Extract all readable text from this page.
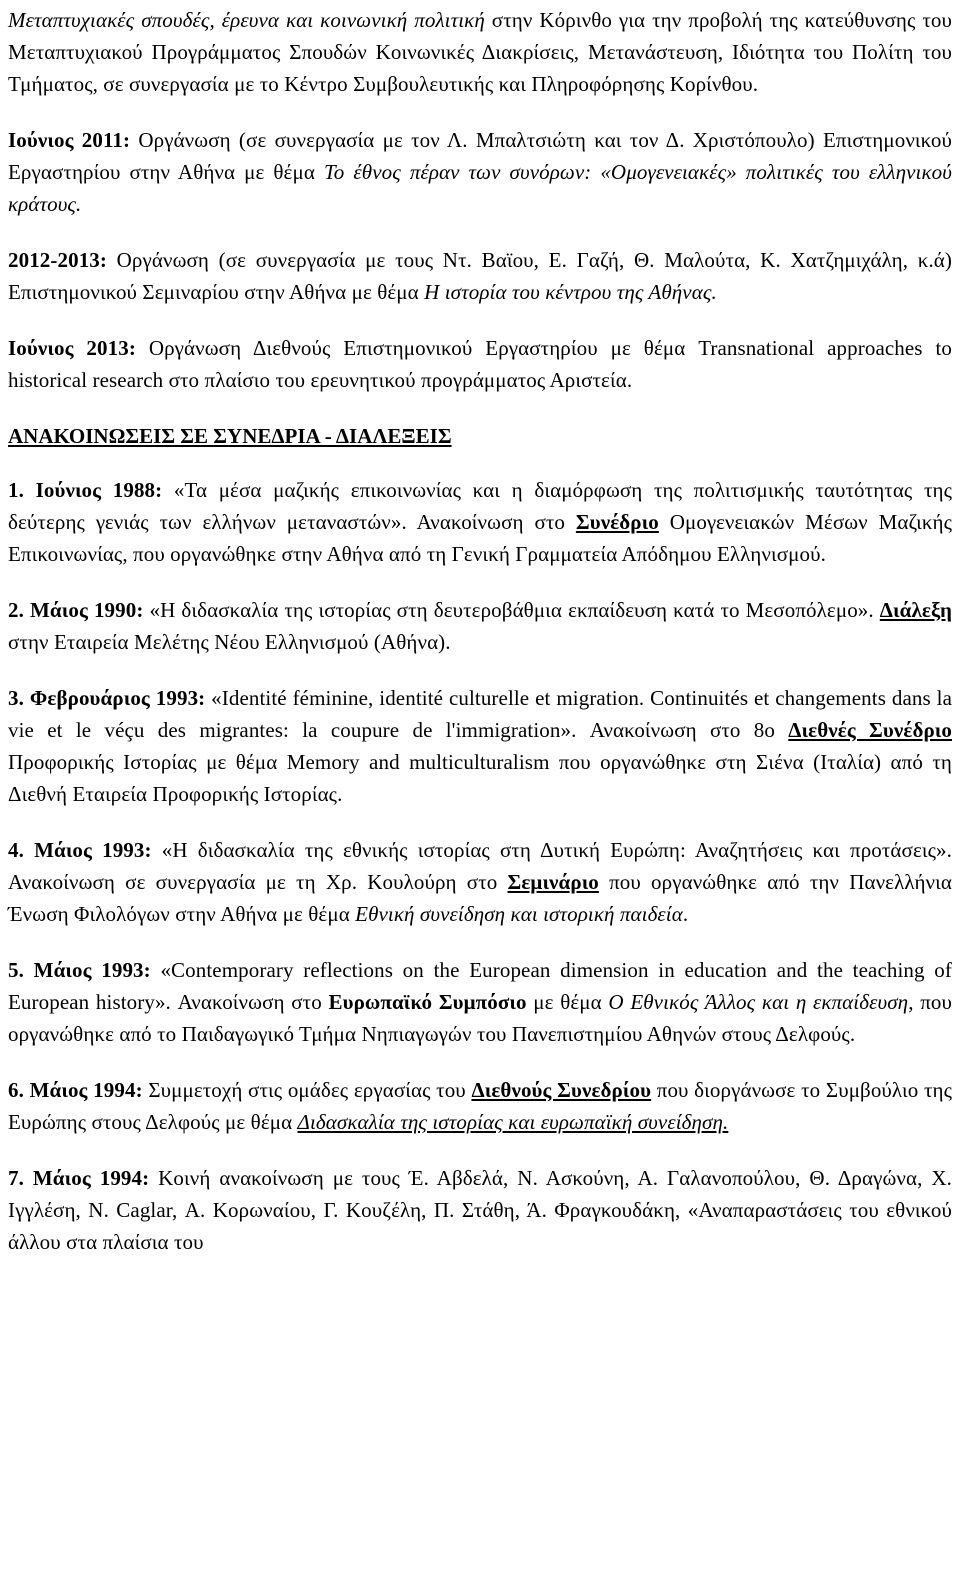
Μεταπτυχιακές σπουδές, έρευνα και κοινωνική πολιτική στην Κόρινθο για την προβολή της κατεύθυνσης του Μεταπτυχιακού Προγράμματος Σπουδών Κοινωνικές Διακρίσεις, Μετανάστευση, Ιδιότητα του Πολίτη του Τμήματος, σε συνεργασία με το Κέντρο Συμβουλευτικής και Πληροφόρησης Κορίνθου.

Ιούνιος 2011: Οργάνωση (σε συνεργασία με τον Λ. Μπαλτσιώτη και τον Δ. Χριστόπουλο) Επιστημονικού Εργαστηρίου στην Αθήνα με θέμα Το έθνος πέραν των συνόρων: «Ομογενειακές» πολιτικές του ελληνικού κράτους.

2012-2013: Οργάνωση (σε συνεργασία με τους Ντ. Βαϊου, Ε. Γαζή, Θ. Μαλούτα, Κ. Χατζημιχάλη, κ.ά) Επιστημονικού Σεμιναρίου στην Αθήνα με θέμα Η ιστορία του κέντρου της Αθήνας.

Ιούνιος 2013: Οργάνωση Διεθνούς Επιστημονικού Εργαστηρίου με θέμα Transnational approaches to historical research στο πλαίσιο του ερευνητικού προγράμματος Αριστεία.

ΑΝΑΚΟΙΝΩΣΕΙΣ ΣΕ ΣΥΝΕΔΡΙΑ - ΔΙΑΛΕΞΕΙΣ

1. Ιούνιος 1988: «Τα μέσα μαζικής επικοινωνίας και η διαμόρφωση της πολιτισμικής ταυτότητας της δεύτερης γενιάς των ελλήνων μεταναστών». Ανακοίνωση στο Συνέδριο Ομογενειακών Μέσων Μαζικής Επικοινωνίας, που οργανώθηκε στην Αθήνα από τη Γενική Γραμματεία Απόδημου Ελληνισμού.

2. Μάιος 1990: «Η διδασκαλία της ιστορίας στη δευτεροβάθμια εκπαίδευση κατά το Μεσοπόλεμο». Διάλεξη στην Εταιρεία Μελέτης Νέου Ελληνισμού (Αθήνα).

3. Φεβρουάριος 1993: «Identité féminine, identité culturelle et migration. Continuités et changements dans la vie et le véçu des migrantes: la coupure de l'immigration». Ανακοίνωση στο 8ο Διεθνές Συνέδριο Προφορικής Ιστορίας με θέμα Memory and multiculturalism που οργανώθηκε στη Σιένα (Ιταλία) από τη Διεθνή Εταιρεία Προφορικής Ιστορίας.

4. Μάιος 1993: «Η διδασκαλία της εθνικής ιστορίας στη Δυτική Ευρώπη: Αναζητήσεις και προτάσεις». Ανακοίνωση σε συνεργασία με τη Χρ. Κουλούρη στο Σεμινάριο που οργανώθηκε από την Πανελλήνια Ένωση Φιλολόγων στην Αθήνα με θέμα Εθνική συνείδηση και ιστορική παιδεία.

5. Μάιος 1993: «Contemporary reflections on the European dimension in education and the teaching of European history». Ανακοίνωση στο Ευρωπαϊκό Συμπόσιο με θέμα Ο Εθνικός Άλλος και η εκπαίδευση, που οργανώθηκε από το Παιδαγωγικό Τμήμα Νηπιαγωγών του Πανεπιστημίου Αθηνών στους Δελφούς.

6. Μάιος 1994: Συμμετοχή στις ομάδες εργασίας του Διεθνούς Συνεδρίου που διοργάνωσε το Συμβούλιο της Ευρώπης στους Δελφούς με θέμα Διδασκαλία της ιστορίας και ευρωπαϊκή συνείδηση.

7. Μάιος 1994: Κοινή ανακοίνωση με τους Έ. Αβδελά, Ν. Ασκούνη, Α. Γαλανοπούλου, Θ. Δραγώνα, Χ. Ιγγλέση, Ν. Caglar, Α. Κορωναίου, Γ. Κουζέλη, Π. Στάθη, Ά. Φραγκουδάκη, «Αναπαραστάσεις του εθνικού άλλου στα πλαίσια του
